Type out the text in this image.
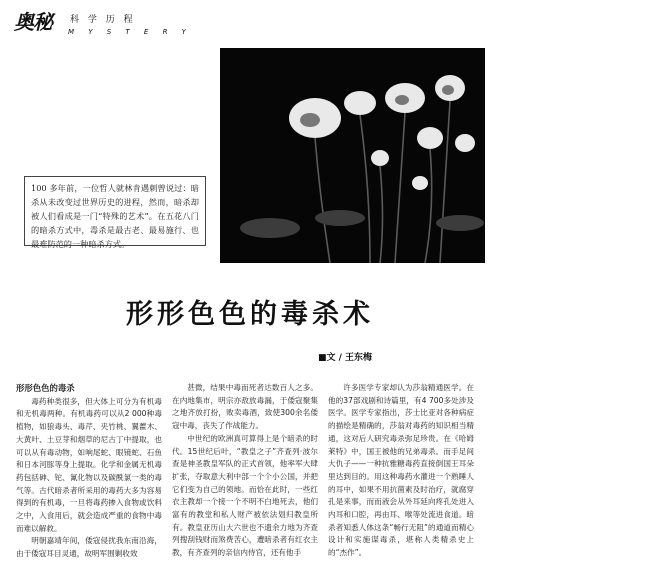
奥秘 科 学 历 程
M Y S T E R Y
最美的毒花
100 多年前，一位哲人就林肯遇刺曾说过：暗杀从未改变过世界历史的进程，然而，暗杀却被人们看成是一门“特殊的艺术”。在五花八门的暗杀方式中，毒杀是最古老、最易施行、也最难防范的一种暗杀方式。
形形色色的毒杀术
■文 / 王东梅

形形色色的毒杀

毒药种类很多，但大体上可分为有机毒和无机毒两种。有机毒药可以从2 000种毒植物，如狼毒头、毒芹、夹竹桃、翼藿木、大黄叶、土豆芽和烟草的尼古丁中提取，也可以从有毒动物，如响尾蛇、眼镜蛇、石鱼和日本河豚等身上提取。化学和金属无机毒药包括砷、铊、氰化物以及碳酰氯一类的毒气等。古代暗杀者所采用的毒药大多为容易得到的有机毒，一旦将毒药掺入食物或饮料之中，入食用后，就会造成严重的食物中毒而难以解救。

明朝嘉靖年间，倭寇侵扰我东南沿海，由于倭寇耳目灵通，故明军围剿收效

甚微，结果中毒而死者达数百人之多。在内地集市，明宗亦敌放毒漏，于倭寇聚集之地齐放打扮，败卖毒酒，致使300余名倭寇中毒，丧失了作战能力。

中世纪的欧洲真可算得上是个暗杀的时代。15世纪后叶，“教皇之子”齐查列·波尔查是神圣教皇军队的正式首领，他率军大肆扩张，夺取意大利中部一个个小公国，并把它们变为自己的领地。而恰在此时，一些红衣主教却一个接一个不明不白地死去，他们富有的教堂和私人财产被依法划归教皇所有。教皇亚历山大六世也不遗余力地为齐查列搜刮钱财而煞费苦心，遭暗杀者有红衣主教，有齐查列的亲信内侍官，还有他手

许多医学专家却认为莎翁精通医学。在他的37部戏剧和诗篇里，有4 700多处涉及医学。医学专家指出，莎士比亚对各种病症的描绘是精确的，莎翁对毒药的知识相当精通，这对后人研究毒杀弥足珍贵。在《哈姆莱特》中，国王被他的兄弟毒杀。而手足间大仇子——一种抗雅糖毒药直接倒国王耳朵里达到目的。用这种毒药水灌进一个熟睡人的耳中，如果不用抗菌素及时治疗，就腐穿孔是来事，而而液会从外耳延向疼孔处进入内耳和口腔，再由耳、喉等处流进食道。暗杀者知悉人体这条“畅行无阻”的通道而精心设计和实施谋毒杀，堪称人类精杀史上的“杰作”。
